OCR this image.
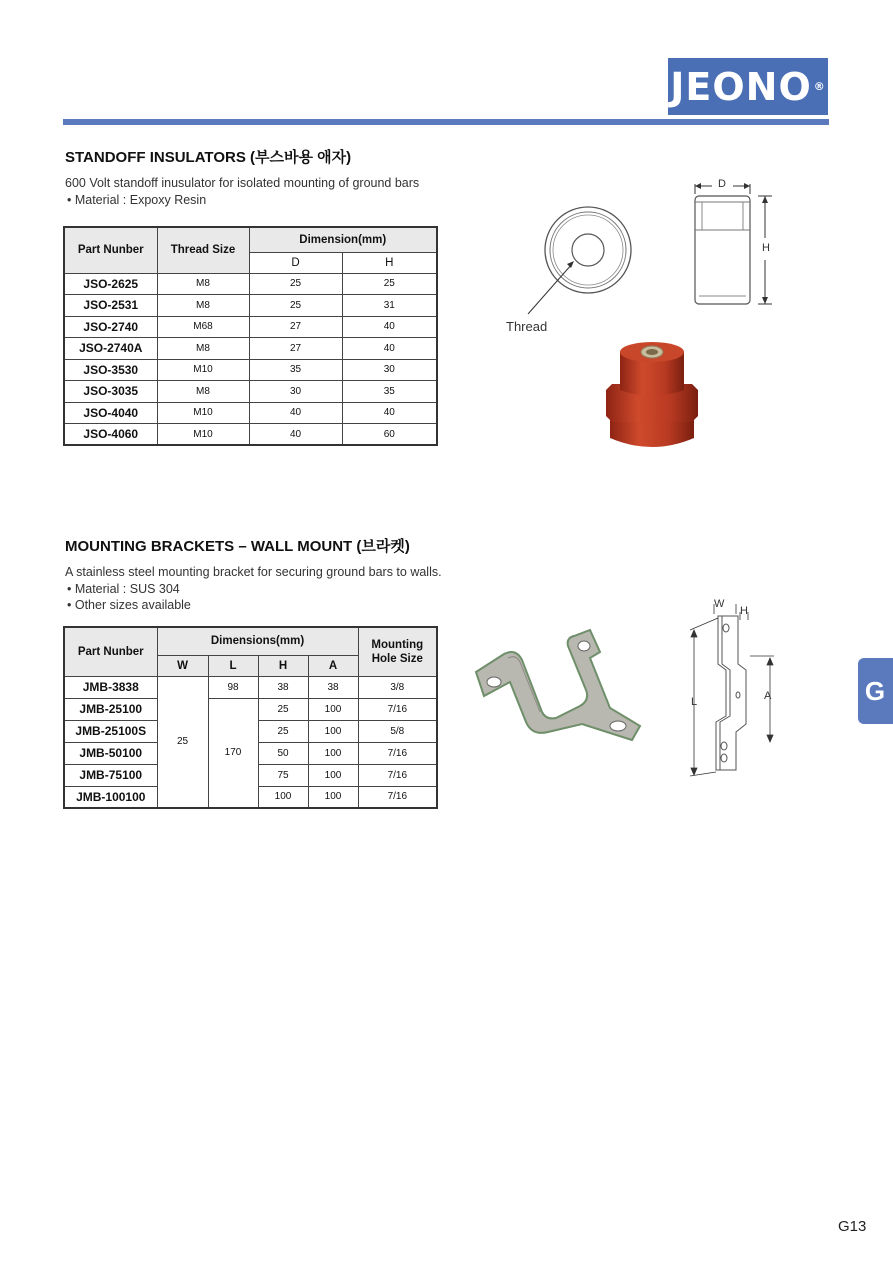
JEONO ®
STANDOFF INSULATORS (부스바용 애자)
600 Volt standoff inusulator for isolated mounting of ground bars
• Material : Expoxy Resin
Part Nunber	Thread Size	Dimension(mm)	
		D	H
JSO-2625	M8	25	25
JSO-2531	M8	25	31
JSO-2740	M68	27	40
JSO-2740A	M8	27	40
JSO-3530	M10	35	30
JSO-3035	M8	30	35
JSO-4040	M10	40	40
JSO-4060	M10	40	60
D
H
Thread
MOUNTING BRACKETS – WALL MOUNT (브라켓)
A stainless steel mounting bracket for securing ground bars to walls.
• Material : SUS 304
• Other sizes available
Part Nunber	Dimensions(mm)				Mounting Hole Size
	W	L	H	A	
JMB-3838	25	98	38	38	3/8
JMB-25100		170	25	100	7/16
JMB-25100S			25	100	5/8
JMB-50100			50	100	7/16
JMB-75100			75	100	7/16
JMB-100100			100	100	7/16
W
H
L	A	G
G13
